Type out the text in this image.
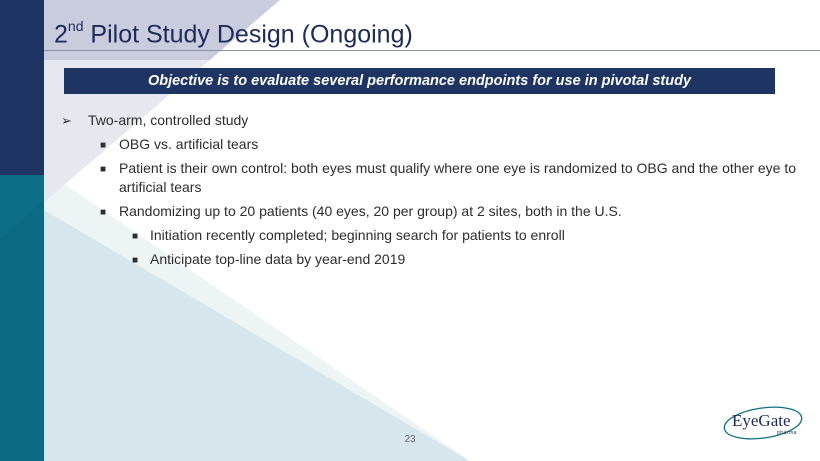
2nd Pilot Study Design (Ongoing)
Objective is to evaluate several performance endpoints for use in pivotal study
➢ Two-arm, controlled study
■ OBG vs. artificial tears
■ Patient is their own control: both eyes must qualify where one eye is randomized to OBG and the other eye to artificial tears
■ Randomizing up to 20 patients (40 eyes, 20 per group) at 2 sites, both in the U.S.
■ Initiation recently completed; beginning search for patients to enroll
■ Anticipate top-line data by year-end 2019
23
EyeGate
pharma
